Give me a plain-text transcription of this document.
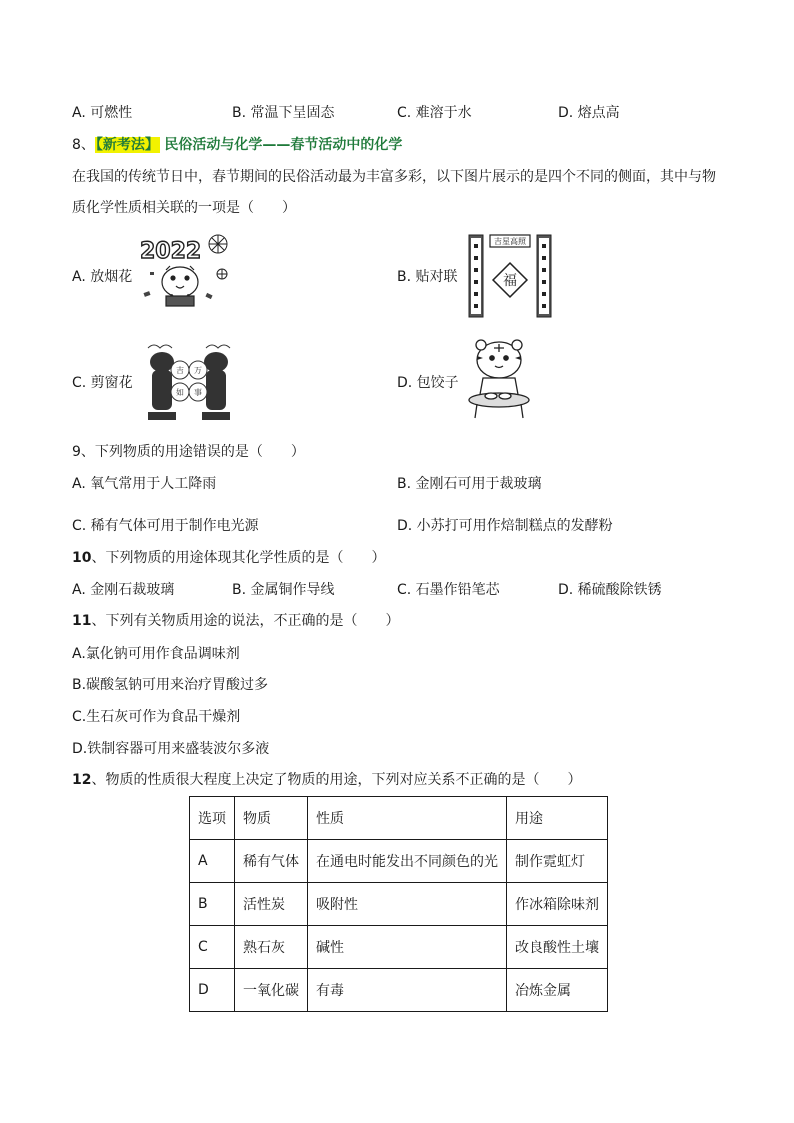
A. 可燃性	B. 常温下呈固态	C. 难溶于水	D. 熔点高
8、【新考法】 民俗活动与化学——春节活动中的化学
在我国的传统节日中，春节期间的民俗活动最为丰富多彩，以下图片展示的是四个不同的侧面，其中与物
质化学性质相关联的一项是（　　）
A. 放烟花
2022
B. 贴对联
吉星高照
福
C. 剪窗花
吉 万
如 事
D. 包饺子
9、下列物质的用途错误的是（　　）
A. 氧气常用于人工降雨	B. 金刚石可用于裁玻璃
C. 稀有气体可用于制作电光源	D. 小苏打可用作焙制糕点的发酵粉
10、下列物质的用途体现其化学性质的是（　　）
A. 金刚石裁玻璃	B. 金属铜作导线	C. 石墨作铅笔芯	D. 稀硫酸除铁锈
11、下列有关物质用途的说法，不正确的是（　　）
A.氯化钠可用作食品调味剂
B.碳酸氢钠可用来治疗胃酸过多
C.生石灰可作为食品干燥剂
D.铁制容器可用来盛装波尔多液
12、物质的性质很大程度上决定了物质的用途，下列对应关系不正确的是（　　）
选项	物质	性质	用途
A	稀有气体	在通电时能发出不同颜色的光	制作霓虹灯
B	活性炭	吸附性	作冰箱除味剂
C	熟石灰	碱性	改良酸性土壤
D	一氧化碳	有毒	冶炼金属
